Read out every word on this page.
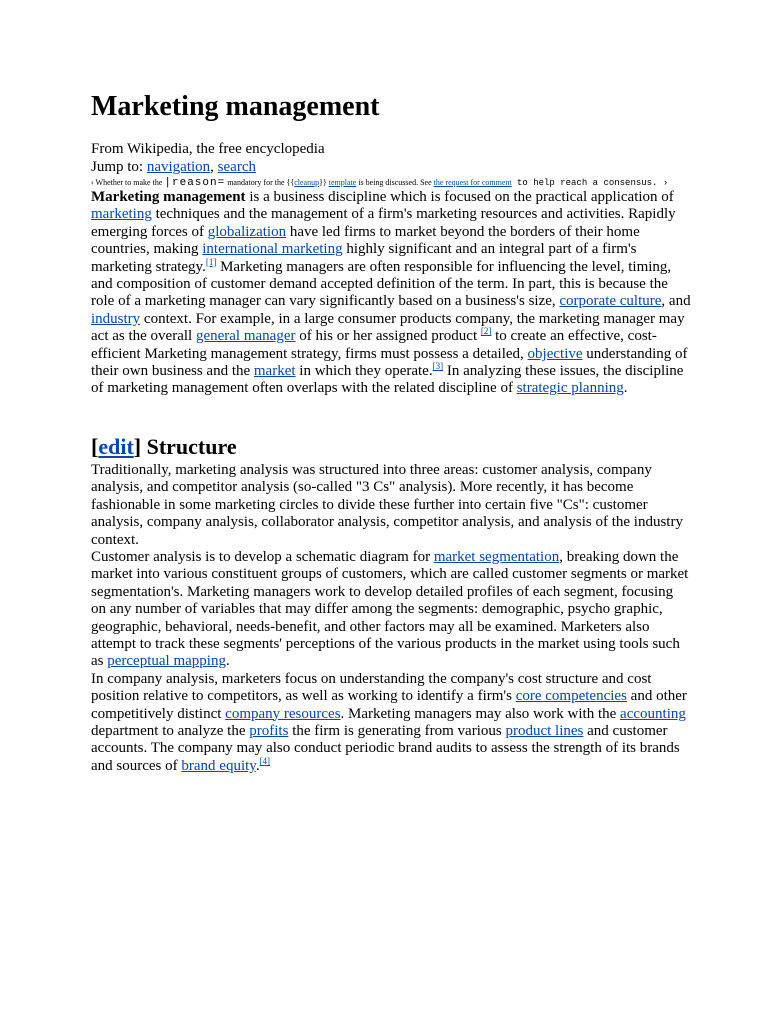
Marketing management
From Wikipedia, the free encyclopedia
Jump to: navigation, search
‹ Whether to make the |reason= mandatory for the {{cleanup}} template is being discussed. See the request for comment to help reach a consensus. ›

Marketing management is a business discipline which is focused on the practical application of marketing techniques and the management of a firm's marketing resources and activities. Rapidly emerging forces of globalization have led firms to market beyond the borders of their home countries, making international marketing highly significant and an integral part of a firm's marketing strategy.[1] Marketing managers are often responsible for influencing the level, timing, and composition of customer demand accepted definition of the term. In part, this is because the role of a marketing manager can vary significantly based on a business's size, corporate culture, and industry context. For example, in a large consumer products company, the marketing manager may act as the overall general manager of his or her assigned product [2] to create an effective, cost-efficient Marketing management strategy, firms must possess a detailed, objective understanding of their own business and the market in which they operate.[3] In analyzing these issues, the discipline of marketing management often overlaps with the related discipline of strategic planning.

[edit] Structure

Traditionally, marketing analysis was structured into three areas: customer analysis, company analysis, and competitor analysis (so-called "3 Cs" analysis). More recently, it has become fashionable in some marketing circles to divide these further into certain five "Cs": customer analysis, company analysis, collaborator analysis, competitor analysis, and analysis of the industry context.

Customer analysis is to develop a schematic diagram for market segmentation, breaking down the market into various constituent groups of customers, which are called customer segments or market segmentation's. Marketing managers work to develop detailed profiles of each segment, focusing on any number of variables that may differ among the segments: demographic, psycho graphic, geographic, behavioral, needs-benefit, and other factors may all be examined. Marketers also attempt to track these segments' perceptions of the various products in the market using tools such as perceptual mapping.

In company analysis, marketers focus on understanding the company's cost structure and cost position relative to competitors, as well as working to identify a firm's core competencies and other competitively distinct company resources. Marketing managers may also work with the accounting department to analyze the profits the firm is generating from various product lines and customer accounts. The company may also conduct periodic brand audits to assess the strength of its brands and sources of brand equity.[4]
